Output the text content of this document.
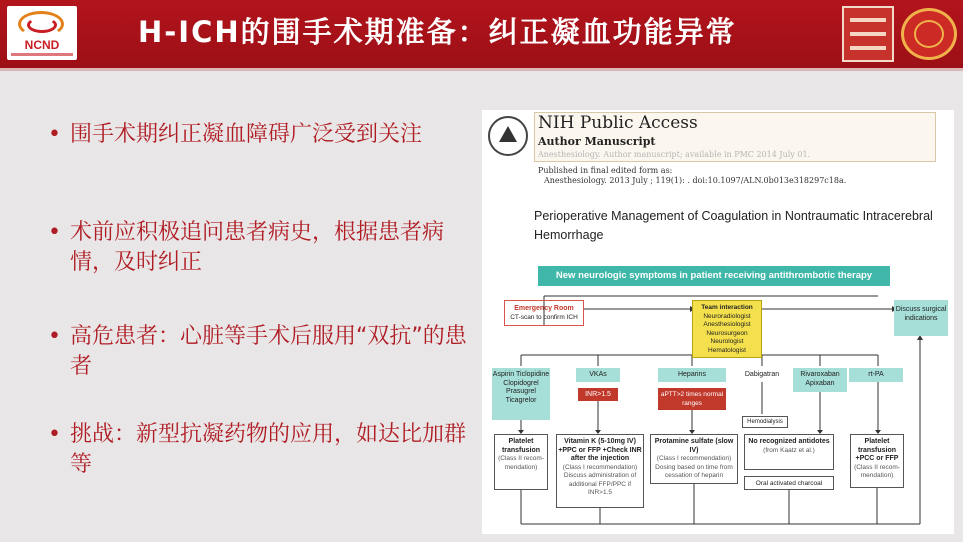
NCND	H-ICH的围手术期准备：纠正凝血功能异常
• 围手术期纠正凝血障碍广泛受到关注
• 术前应积极追问患者病史，根据患者病情，及时纠正
• 高危患者：心脏等手术后服用“双抗”的患者
• 挑战：新型抗凝药物的应用，如达比加群等
NIH Public Access
Author Manuscript
Anesthesiology. Author manuscript; available in PMC 2014 July 01.
Published in final edited form as:
Anesthesiology. 2013 July ; 119(1): . doi:10.1097/ALN.0b013e318297c18a.
Perioperative Management of Coagulation in Nontraumatic Intracerebral Hemorrhage
New neurologic symptoms in patient receiving antithrombotic therapy
Emergency Room
CT-scan to confirm ICH
Team interaction
Neuroradiologist Anesthesiologist Neurosurgeon Neurologist Hematologist
Discuss surgical indications
Aspirin Ticlopidine Clopidogrel Prasugrel Ticagrelor
VKAs	Heparins	Dabigatran	Rivaroxaban Apixaban
rt-PA
INR>1.5	aPTT>2 times normal ranges
Hemodialysis
Platelet transfusion
(Class II recom-mendation)
Vitamin K (5-10mg IV) +PPC or FFP +Check INR after the injection
(Class I recommendation) Discuss administration of additional FFP/PPC if INR>1.5
Protamine sulfate (slow IV)
(Class I recommendation) Dosing based on time from cessation of heparin
No recognized antidotes
(from Kaatz et al.)
Oral activated charcoal
Platelet transfusion +PCC or FFP
(Class II recom-mendation)
